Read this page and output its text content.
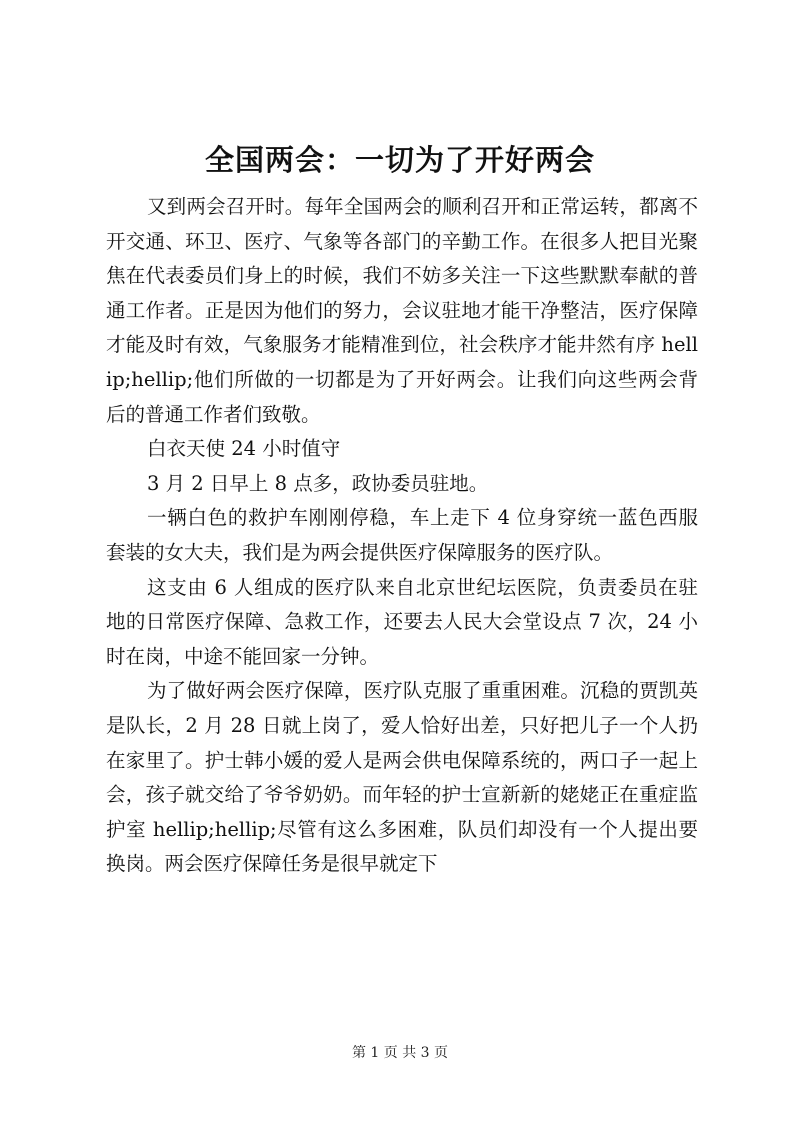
全国两会：一切为了开好两会

又到两会召开时。每年全国两会的顺利召开和正常运转，都离不开交通、环卫、医疗、气象等各部门的辛勤工作。在很多人把目光聚焦在代表委员们身上的时候，我们不妨多关注一下这些默默奉献的普通工作者。正是因为他们的努力，会议驻地才能干净整洁，医疗保障才能及时有效，气象服务才能精准到位，社会秩序才能井然有序 hellip;hellip;他们所做的一切都是为了开好两会。让我们向这些两会背后的普通工作者们致敬。

白衣天使 24 小时值守

3 月 2 日早上 8 点多，政协委员驻地。

一辆白色的救护车刚刚停稳，车上走下 4 位身穿统一蓝色西服套装的女大夫，我们是为两会提供医疗保障服务的医疗队。

这支由 6 人组成的医疗队来自北京世纪坛医院，负责委员在驻地的日常医疗保障、急救工作，还要去人民大会堂设点 7 次，24 小时在岗，中途不能回家一分钟。

为了做好两会医疗保障，医疗队克服了重重困难。沉稳的贾凯英是队长，2 月 28 日就上岗了，爱人恰好出差，只好把儿子一个人扔在家里了。护士韩小媛的爱人是两会供电保障系统的，两口子一起上会，孩子就交给了爷爷奶奶。而年轻的护士宣新新的姥姥正在重症监护室 hellip;hellip;尽管有这么多困难，队员们却没有一个人提出要换岗。两会医疗保障任务是很早就定下

第 1 页 共 3 页
